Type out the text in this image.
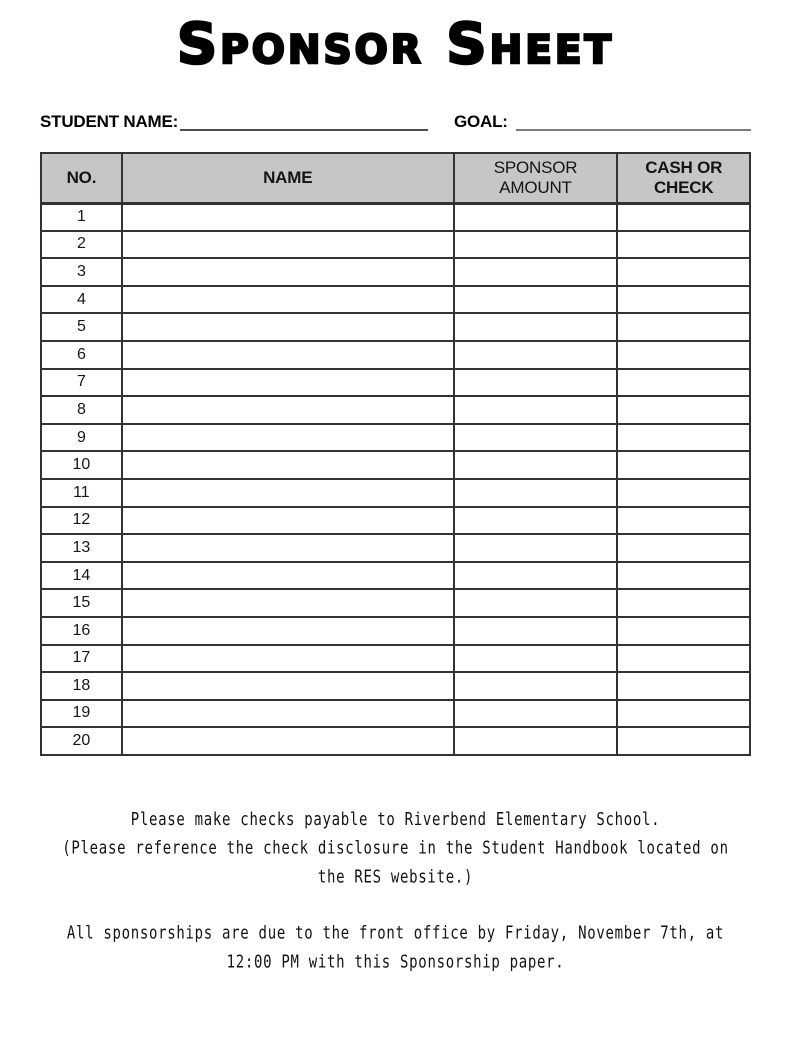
Sponsor Sheet
STUDENT NAME:	GOAL:
NO.	NAME	SPONSOR AMOUNT	CASH OR CHECK
1			
2			
3			
4			
5			
6			
7			
8			
9			
10			
11			
12			
13			
14			
15			
16			
17			
18			
19			
20			
Please make checks payable to Riverbend Elementary School.
(Please reference the check disclosure in the Student Handbook located on
the RES website.)
All sponsorships are due to the front office by Friday, November 7th, at
12:00 PM with this Sponsorship paper.
